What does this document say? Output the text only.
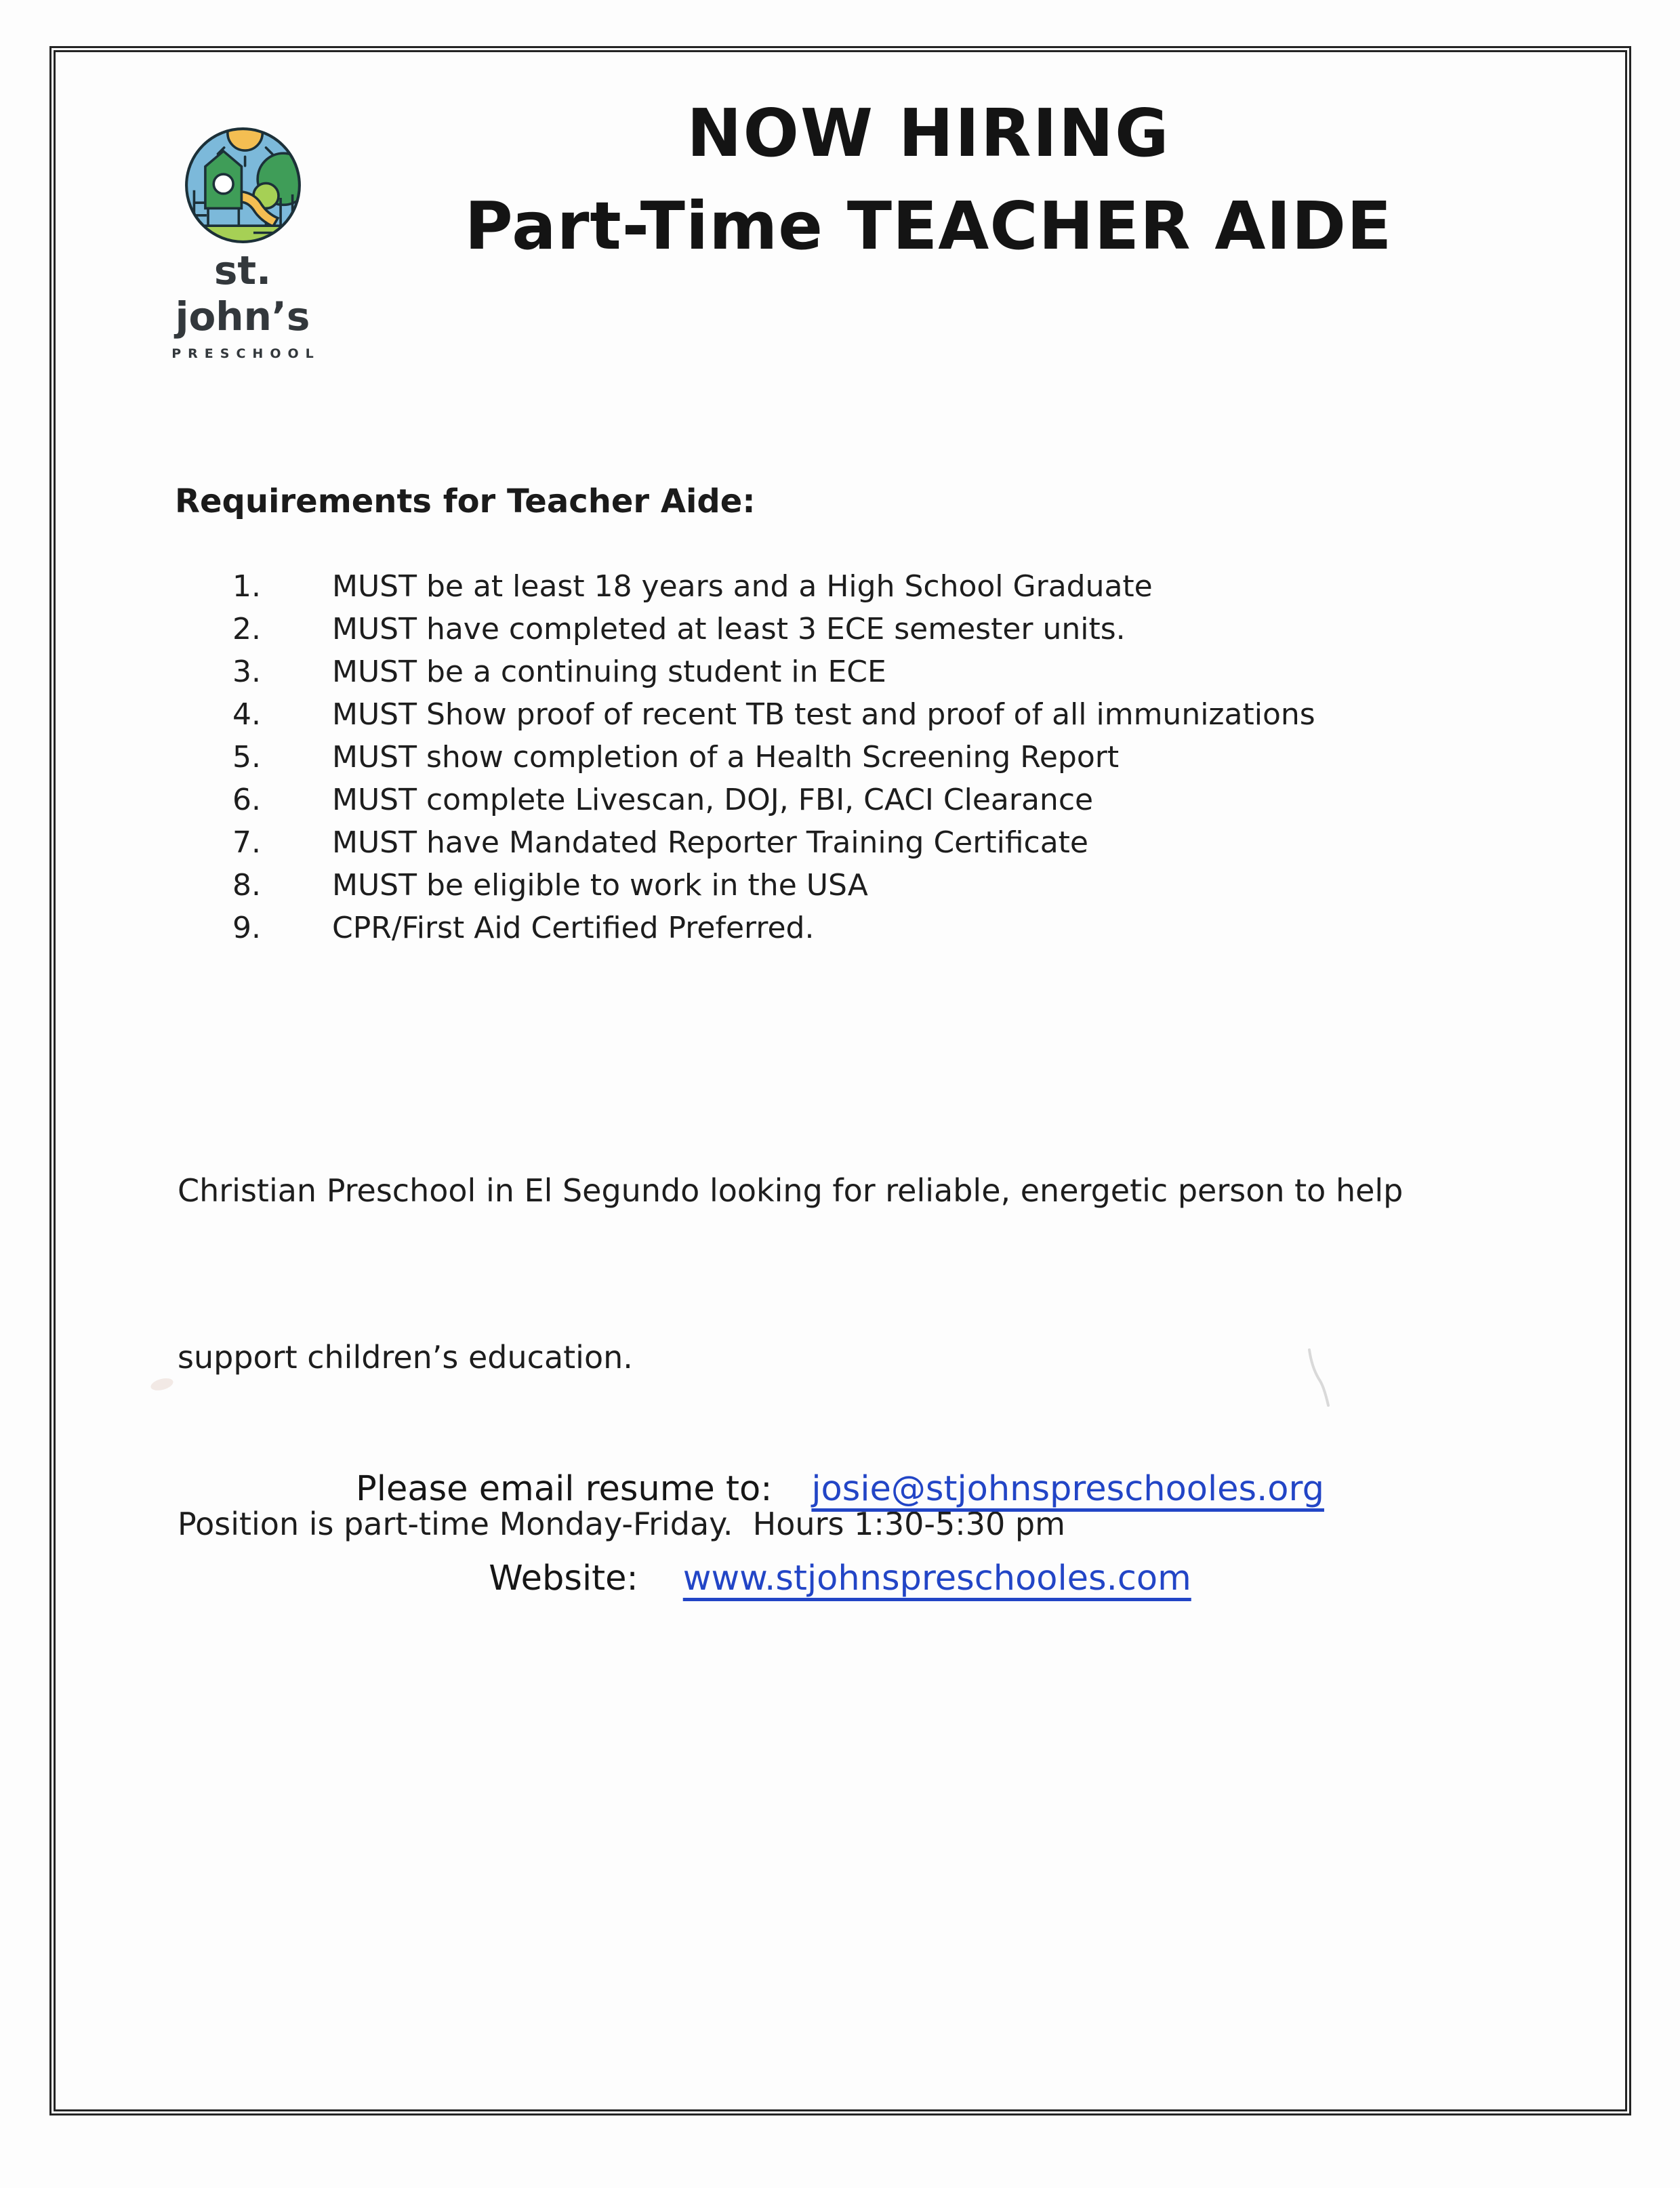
st. john’s
PRESCHOOL
NOW HIRING
Part-Time TEACHER AIDE
Requirements for Teacher Aide:
1.	MUST be at least 18 years and a High School Graduate
2.	MUST have completed at least 3 ECE semester units.
3.	MUST be a continuing student in ECE
4.	MUST Show proof of recent TB test and proof of all immunizations
5.	MUST show completion of a Health Screening Report
6.	MUST complete Livescan, DOJ, FBI, CACI Clearance
7.	MUST have Mandated Reporter Training Certificate
8.	MUST be eligible to work in the USA
9.	CPR/First Aid Certified Preferred.

Christian Preschool in El Segundo looking for reliable, energetic person to help

support children’s education.

Position is part-time Monday-Friday.  Hours 1:30-5:30 pm

Please email resume to: josie@stjohnspreschooles.org
Website: www.stjohnspreschooles.com
